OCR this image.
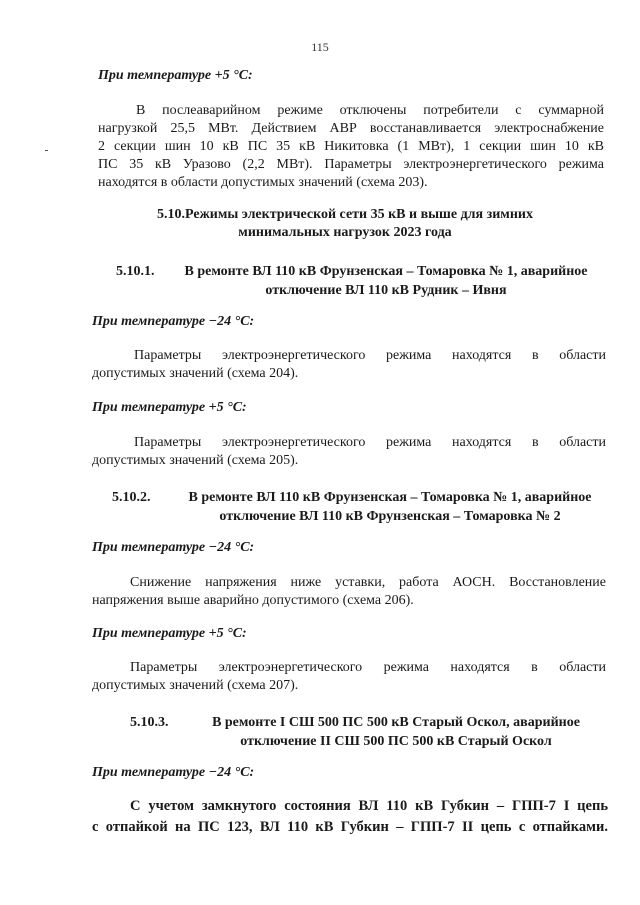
115
При температуре +5 °С:
В послеаварийном режиме отключены потребители с суммарной
нагрузкой 25,5 МВт. Действием АВР восстанавливается электроснабжение
2 секции шин 10 кВ ПС 35 кВ Никитовка (1 МВт), 1 секции шин 10 кВ
ПС 35 кВ Уразово (2,2 МВт). Параметры электроэнергетического режима
находятся в области допустимых значений (схема 203).
5.10.Режимы электрической сети 35 кВ и выше для зимних
минимальных нагрузок 2023 года
5.10.1.	В ремонте ВЛ 110 кВ Фрунзенская – Томаровка № 1, аварийное
отключение ВЛ 110 кВ Рудник – Ивня
При температуре −24 °С:
Параметры электроэнергетического режима находятся в области
допустимых значений (схема 204).
При температуре +5 °С:
Параметры электроэнергетического режима находятся в области
допустимых значений (схема 205).
5.10.2.	В ремонте ВЛ 110 кВ Фрунзенская – Томаровка № 1, аварийное
отключение ВЛ 110 кВ Фрунзенская – Томаровка № 2
При температуре −24 °С:
Снижение напряжения ниже уставки, работа АОСН. Восстановление
напряжения выше аварийно допустимого (схема 206).
При температуре +5 °С:
Параметры электроэнергетического режима находятся в области
допустимых значений (схема 207).
5.10.3.	В ремонте I СШ 500 ПС 500 кВ Старый Оскол, аварийное
отключение II СШ 500 ПС 500 кВ Старый Оскол
При температуре −24 °С:
С учетом замкнутого состояния ВЛ 110 кВ Губкин – ГПП-7 I цепь
с отпайкой на ПС 123, ВЛ 110 кВ Губкин – ГПП-7 II цепь с отпайками.
